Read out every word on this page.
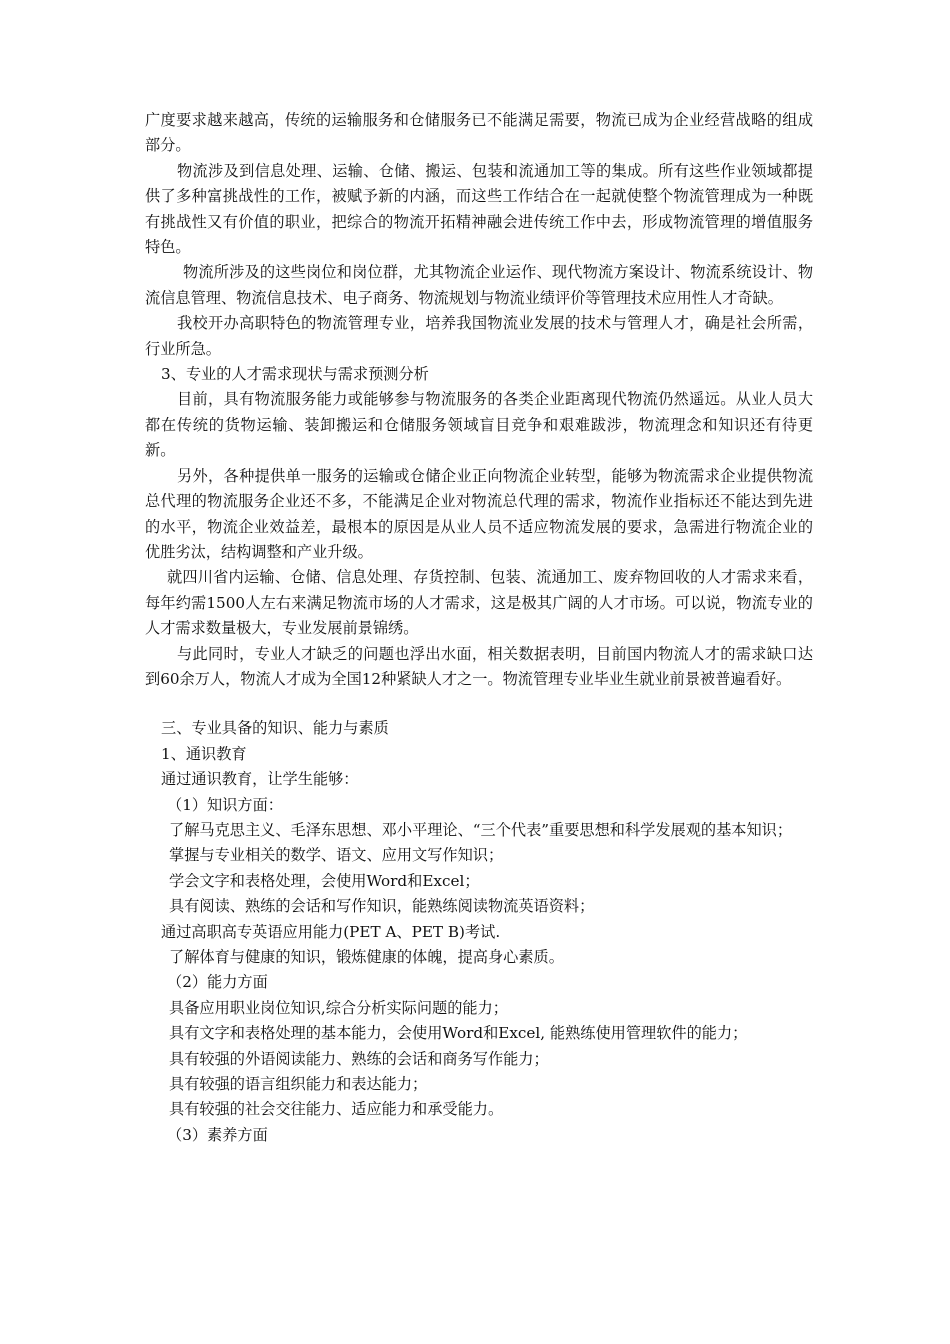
广度要求越来越高，传统的运输服务和仓储服务已不能满足需要，物流已成为企业经营战略的组成部分。

物流涉及到信息处理、运输、仓储、搬运、包装和流通加工等的集成。所有这些作业领域都提供了多种富挑战性的工作，被赋予新的内涵，而这些工作结合在一起就使整个物流管理成为一种既有挑战性又有价值的职业，把综合的物流开拓精神融会进传统工作中去，形成物流管理的增值服务特色。

物流所涉及的这些岗位和岗位群，尤其物流企业运作、现代物流方案设计、物流系统设计、物流信息管理、物流信息技术、电子商务、物流规划与物流业绩评价等管理技术应用性人才奇缺。

我校开办高职特色的物流管理专业，培养我国物流业发展的技术与管理人才，确是社会所需，行业所急。

3、专业的人才需求现状与需求预测分析

目前，具有物流服务能力或能够参与物流服务的各类企业距离现代物流仍然遥远。从业人员大都在传统的货物运输、装卸搬运和仓储服务领域盲目竞争和艰难跋涉，物流理念和知识还有待更新。

另外，各种提供单一服务的运输或仓储企业正向物流企业转型，能够为物流需求企业提供物流总代理的物流服务企业还不多，不能满足企业对物流总代理的需求，物流作业指标还不能达到先进的水平，物流企业效益差，最根本的原因是从业人员不适应物流发展的要求，急需进行物流企业的优胜劣汰，结构调整和产业升级。

就四川省内运输、仓储、信息处理、存货控制、包装、流通加工、废弃物回收的人才需求来看，每年约需1500人左右来满足物流市场的人才需求，这是极其广阔的人才市场。可以说，物流专业的人才需求数量极大，专业发展前景锦绣。

与此同时，专业人才缺乏的问题也浮出水面，相关数据表明，目前国内物流人才的需求缺口达到60余万人，物流人才成为全国12种紧缺人才之一。物流管理专业毕业生就业前景被普遍看好。

三、专业具备的知识、能力与素质

1、通识教育

通过通识教育，让学生能够：

（1）知识方面：

了解马克思主义、毛泽东思想、邓小平理论、“三个代表”重要思想和科学发展观的基本知识；

掌握与专业相关的数学、语文、应用文写作知识；

学会文字和表格处理，会使用Word和Excel；

具有阅读、熟练的会话和写作知识，能熟练阅读物流英语资料；

通过高职高专英语应用能力(PET A、PET B)考试.

了解体育与健康的知识，锻炼健康的体魄，提高身心素质。

（2）能力方面

具备应用职业岗位知识,综合分析实际问题的能力；

具有文字和表格处理的基本能力，会使用Word和Excel, 能熟练使用管理软件的能力；

具有较强的外语阅读能力、熟练的会话和商务写作能力；

具有较强的语言组织能力和表达能力；

具有较强的社会交往能力、适应能力和承受能力。

（3）素养方面
